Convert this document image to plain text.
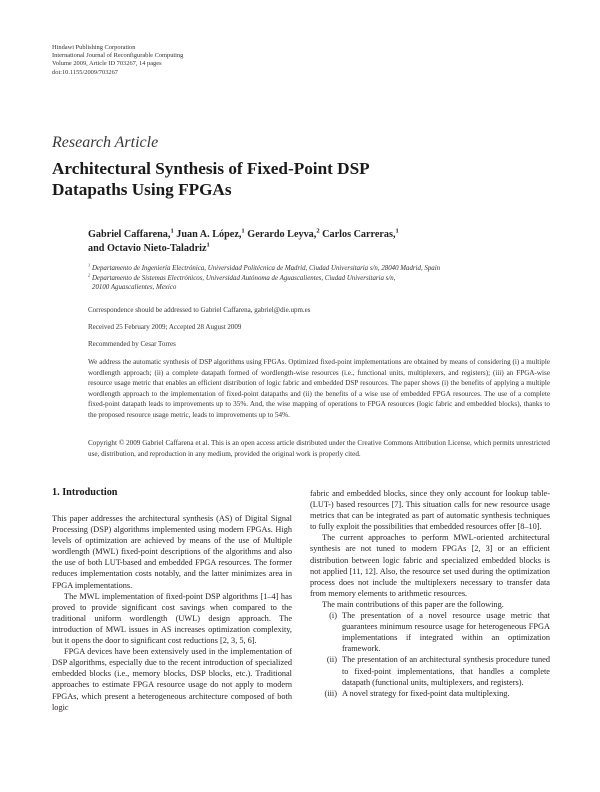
Hindawi Publishing Corporation
International Journal of Reconfigurable Computing
Volume 2009, Article ID 703267, 14 pages
doi:10.1155/2009/703267
Research Article
Architectural Synthesis of Fixed-Point DSP
Datapaths Using FPGAs
Gabriel Caffarena,$^1$ Juan A. López,$^1$ Gerardo Leyva,$^2$ Carlos Carreras,$^1$
and Octavio Nieto-Taladriz$^1$
$^1$ Departamento de Ingeniería Electrónica, Universidad Politécnica de Madrid, Ciudad Universitaria s/n, 28040 Madrid, Spain
$^2$ Departamento de Sistemas Electrónicos, Universidad Autónoma de Aguascalientes, Ciudad Universitaria s/n,
20100 Aguascalientes, Mexico
Correspondence should be addressed to Gabriel Caffarena, gabriel@die.upm.es
Received 25 February 2009; Accepted 28 August 2009
Recommended by Cesar Torres
We address the automatic synthesis of DSP algorithms using FPGAs. Optimized fixed-point implementations are obtained by means of considering (i) a multiple wordlength approach; (ii) a complete datapath formed of wordlength-wise resources (i.e., functional units, multiplexers, and registers); (iii) an FPGA-wise resource usage metric that enables an efficient distribution of logic fabric and embedded DSP resources. The paper shows (i) the benefits of applying a multiple wordlength approach to the implementation of fixed-point datapaths and (ii) the benefits of a wise use of embedded FPGA resources. The use of a complete fixed-point datapath leads to improvements up to 35%. And, the wise mapping of operations to FPGA resources (logic fabric and embedded blocks), thanks to the proposed resource usage metric, leads to improvements up to 54%.
Copyright © 2009 Gabriel Caffarena et al. This is an open access article distributed under the Creative Commons Attribution License, which permits unrestricted use, distribution, and reproduction in any medium, provided the original work is properly cited.
1. Introduction

This paper addresses the architectural synthesis (AS) of Digital Signal Processing (DSP) algorithms implemented using modern FPGAs. High levels of optimization are achieved by means of the use of Multiple wordlength (MWL) fixed-point descriptions of the algorithms and also the use of both LUT-based and embedded FPGA resources. The former reduces implementation costs notably, and the latter minimizes area in FPGA implementations.

The MWL implementation of fixed-point DSP algorithms [1–4] has proved to provide significant cost savings when compared to the traditional uniform wordlength (UWL) design approach. The introduction of MWL issues in AS increases optimization complexity, but it opens the door to significant cost reductions [2, 3, 5, 6].

FPGA devices have been extensively used in the implementation of DSP algorithms, especially due to the recent introduction of specialized embedded blocks (i.e., memory blocks, DSP blocks, etc.). Traditional approaches to estimate FPGA resource usage do not apply to modern FPGAs, which present a heterogeneous architecture composed of both logic

fabric and embedded blocks, since they only account for lookup table- (LUT-) based resources [7]. This situation calls for new resource usage metrics that can be integrated as part of automatic synthesis techniques to fully exploit the possibilities that embedded resources offer [8–10].

The current approaches to perform MWL-oriented architectural synthesis are not tuned to modern FPGAs [2, 3] or an efficient distribution between logic fabric and specialized embedded blocks is not applied [11, 12]. Also, the resource set used during the optimization process does not include the multiplexers necessary to transfer data from memory elements to arithmetic resources.

The main contributions of this paper are the following.

(i) The presentation of a novel resource usage metric that guarantees minimum resource usage for heterogeneous FPGA implementations if integrated within an optimization framework.
(ii) The presentation of an architectural synthesis procedure tuned to fixed-point implementations, that handles a complete datapath (functional units, multiplexers, and registers).
(iii) A novel strategy for fixed-point data multiplexing.
